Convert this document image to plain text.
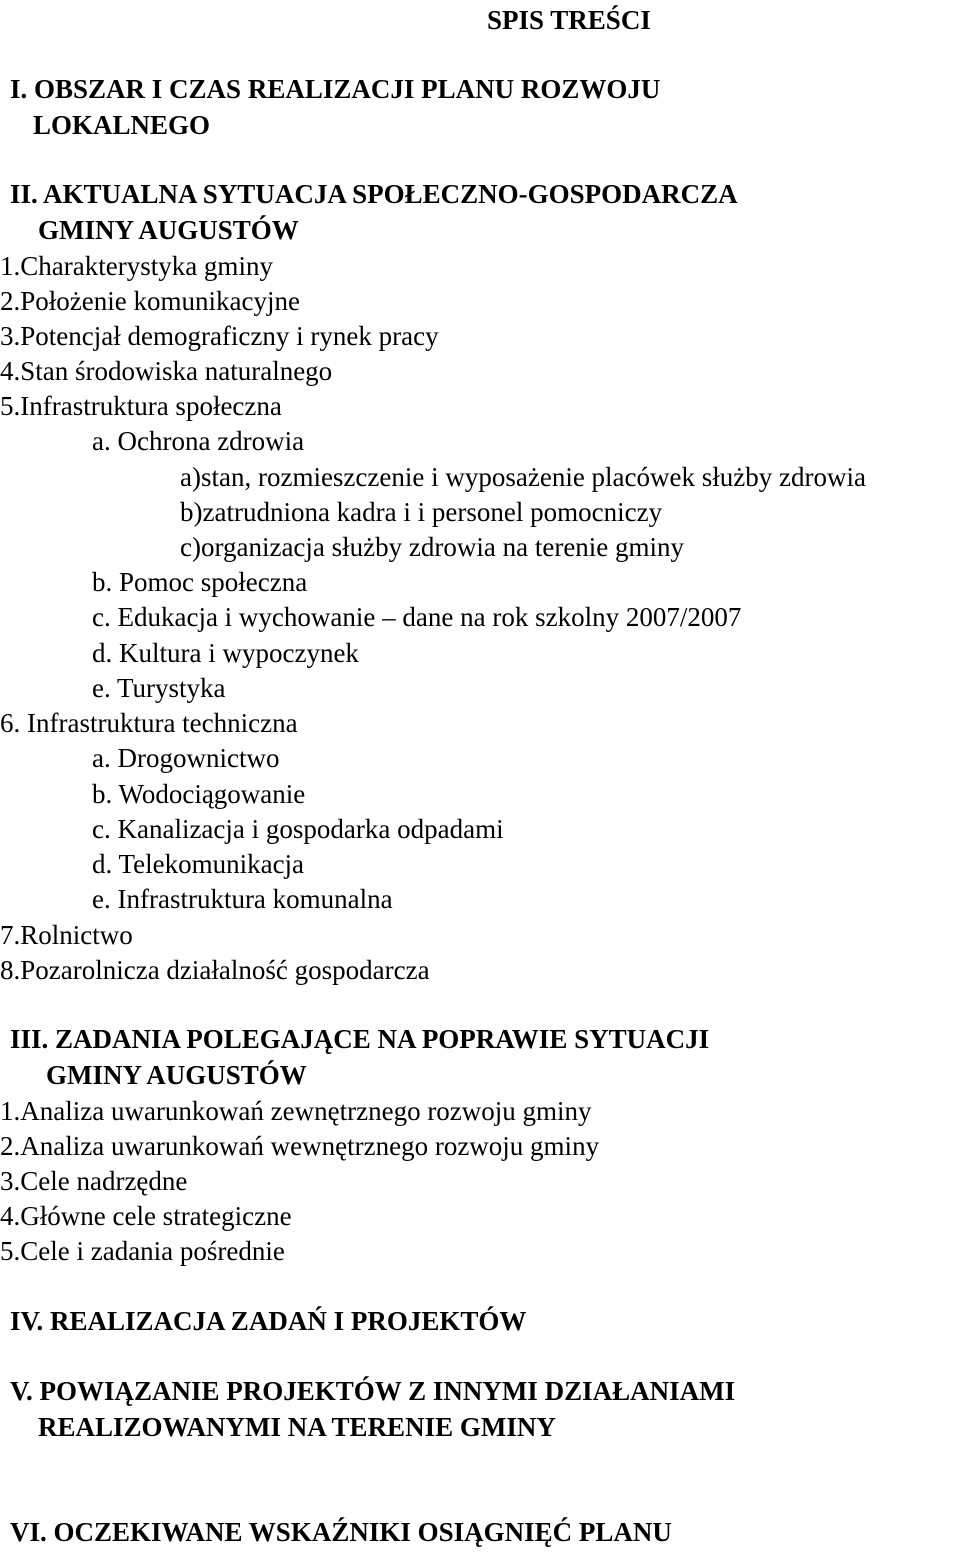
SPIS TREŚCI
I. OBSZAR I CZAS REALIZACJI PLANU ROZWOJU
LOKALNEGO
II. AKTUALNA SYTUACJA SPOŁECZNO-GOSPODARCZA
GMINY AUGUSTÓW
1.Charakterystyka gminy
2.Położenie komunikacyjne
3.Potencjał demograficzny i rynek pracy
4.Stan środowiska naturalnego
5.Infrastruktura społeczna
a. Ochrona zdrowia
a)stan, rozmieszczenie i wyposażenie placówek służby zdrowia
b)zatrudniona kadra i i personel pomocniczy
c)organizacja służby zdrowia na terenie gminy
b. Pomoc społeczna
c. Edukacja i wychowanie – dane na rok szkolny 2007/2007
d. Kultura i wypoczynek
e. Turystyka
6. Infrastruktura techniczna
a. Drogownictwo
b. Wodociągowanie
c. Kanalizacja i gospodarka odpadami
d. Telekomunikacja
e. Infrastruktura komunalna
7.Rolnictwo
8.Pozarolnicza działalność gospodarcza
III. ZADANIA POLEGAJĄCE NA POPRAWIE SYTUACJI
GMINY AUGUSTÓW
1.Analiza uwarunkowań zewnętrznego rozwoju gminy
2.Analiza uwarunkowań wewnętrznego rozwoju gminy
3.Cele nadrzędne
4.Główne cele strategiczne
5.Cele i zadania pośrednie
IV. REALIZACJA ZADAŃ I PROJEKTÓW
V. POWIĄZANIE PROJEKTÓW Z INNYMI DZIAŁANIAMI
REALIZOWANYMI NA TERENIE GMINY
VI. OCZEKIWANE WSKAŹNIKI OSIĄGNIĘĆ PLANU
